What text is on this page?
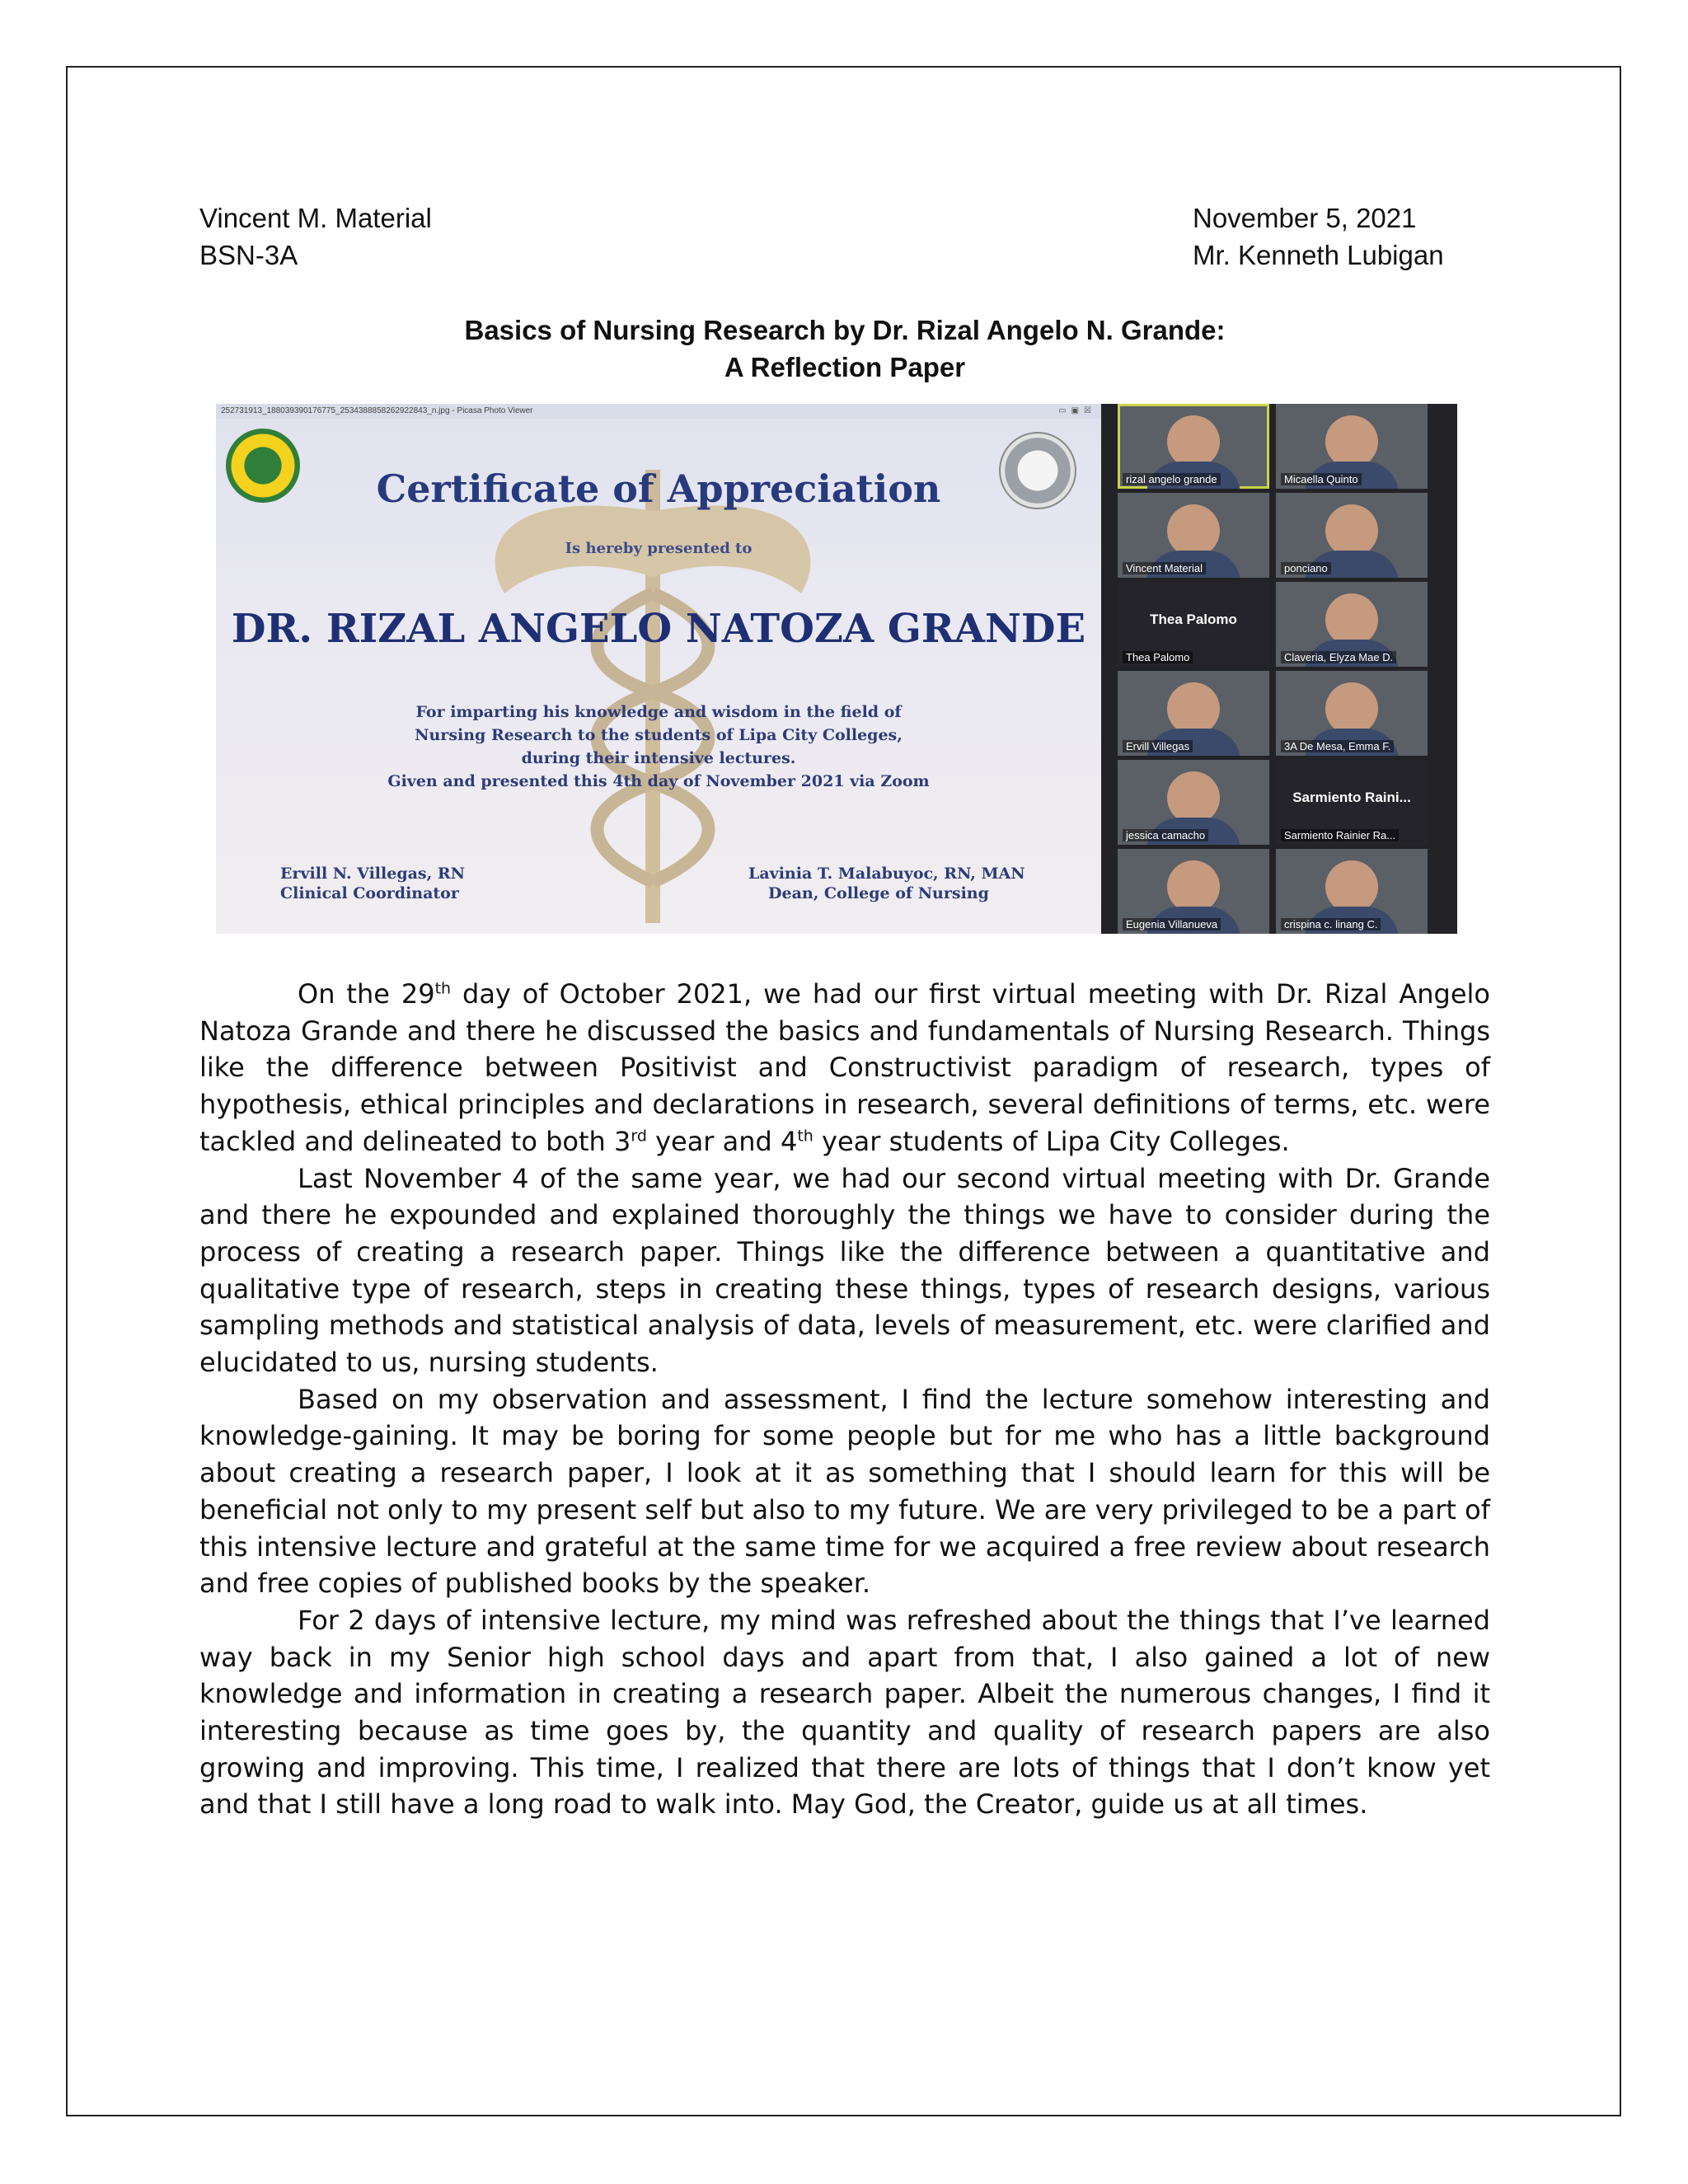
Vincent M. Material
BSN-3A
November 5, 2021
Mr. Kenneth Lubigan
Basics of Nursing Research by Dr. Rizal Angelo N. Grande:
A Reflection Paper
252731913_188039390176775_2534388858262922843_n.jpg - Picasa Photo Viewer	▭▣☒
Certificate of Appreciation
Is hereby presented to
DR. RIZAL ANGELO NATOZA GRANDE
For imparting his knowledge and wisdom in the field of
Nursing Research to the students of Lipa City Colleges,
during their intensive lectures.
Given and presented this 4th day of November 2021 via Zoom
Ervill N. Villegas, RN
Clinical Coordinator
Lavinia T. Malabuyoc, RN, MAN
Dean, College of Nursing
rizal angelo grande	Micaella Quinto
Vincent Material	ponciano
Thea Palomo
Thea Palomo	Claveria, Elyza Mae D.
Ervill Villegas	3A De Mesa, Emma F.
jessica camacho
Sarmiento Raini...
Sarmiento Rainier Ra...
Eugenia Villanueva	crispina c. linang C.

On the 29th day of October 2021, we had our first virtual meeting with Dr. Rizal Angelo Natoza Grande and there he discussed the basics and fundamentals of Nursing Research. Things like the difference between Positivist and Constructivist paradigm of research, types of hypothesis, ethical principles and declarations in research, several definitions of terms, etc. were tackled and delineated to both 3rd year and 4th year students of Lipa City Colleges.

Last November 4 of the same year, we had our second virtual meeting with Dr. Grande and there he expounded and explained thoroughly the things we have to consider during the process of creating a research paper. Things like the difference between a quantitative and qualitative type of research, steps in creating these things, types of research designs, various sampling methods and statistical analysis of data, levels of measurement, etc. were clarified and elucidated to us, nursing students.

Based on my observation and assessment, I find the lecture somehow interesting and knowledge-gaining. It may be boring for some people but for me who has a little background about creating a research paper, I look at it as something that I should learn for this will be beneficial not only to my present self but also to my future. We are very privileged to be a part of this intensive lecture and grateful at the same time for we acquired a free review about research and free copies of published books by the speaker.

For 2 days of intensive lecture, my mind was refreshed about the things that I’ve learned way back in my Senior high school days and apart from that, I also gained a lot of new knowledge and information in creating a research paper. Albeit the numerous changes, I find it interesting because as time goes by, the quantity and quality of research papers are also growing and improving. This time, I realized that there are lots of things that I don’t know yet and that I still have a long road to walk into. May God, the Creator, guide us at all times.
